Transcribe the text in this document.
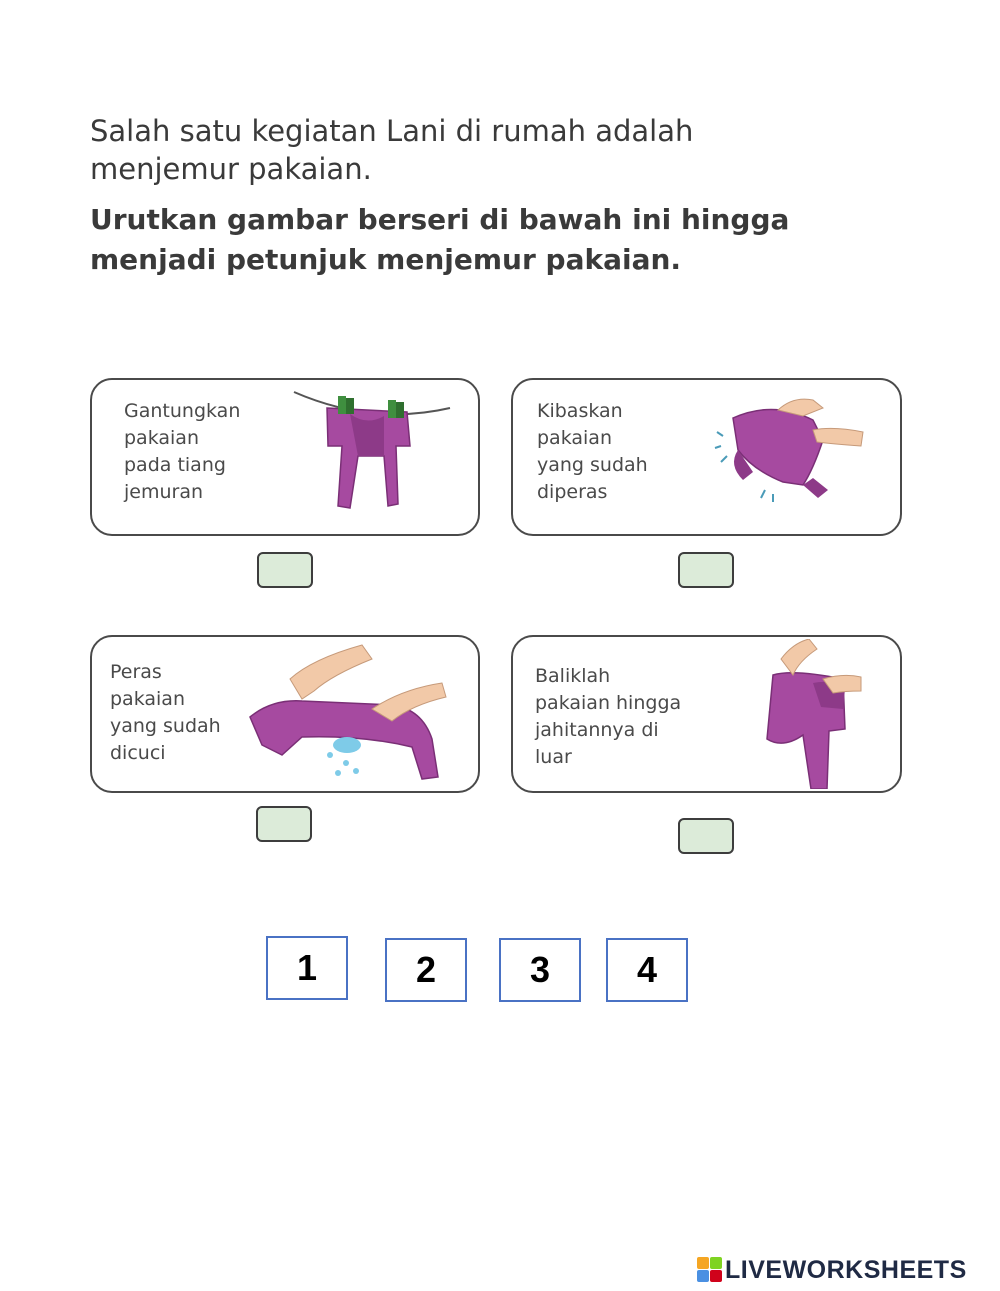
Salah satu kegiatan Lani di rumah adalah menjemur pakaian.

Urutkan gambar berseri di bawah ini hingga menjadi petunjuk menjemur pakaian.

Gantungkan
pakaian
pada tiang
jemuran
Kibaskan
pakaian
yang sudah
diperas
Peras
pakaian
yang sudah
dicuci
Baliklah
pakaian hingga
jahitannya di
luar
1	2	3	4
LIVEWORKSHEETS
